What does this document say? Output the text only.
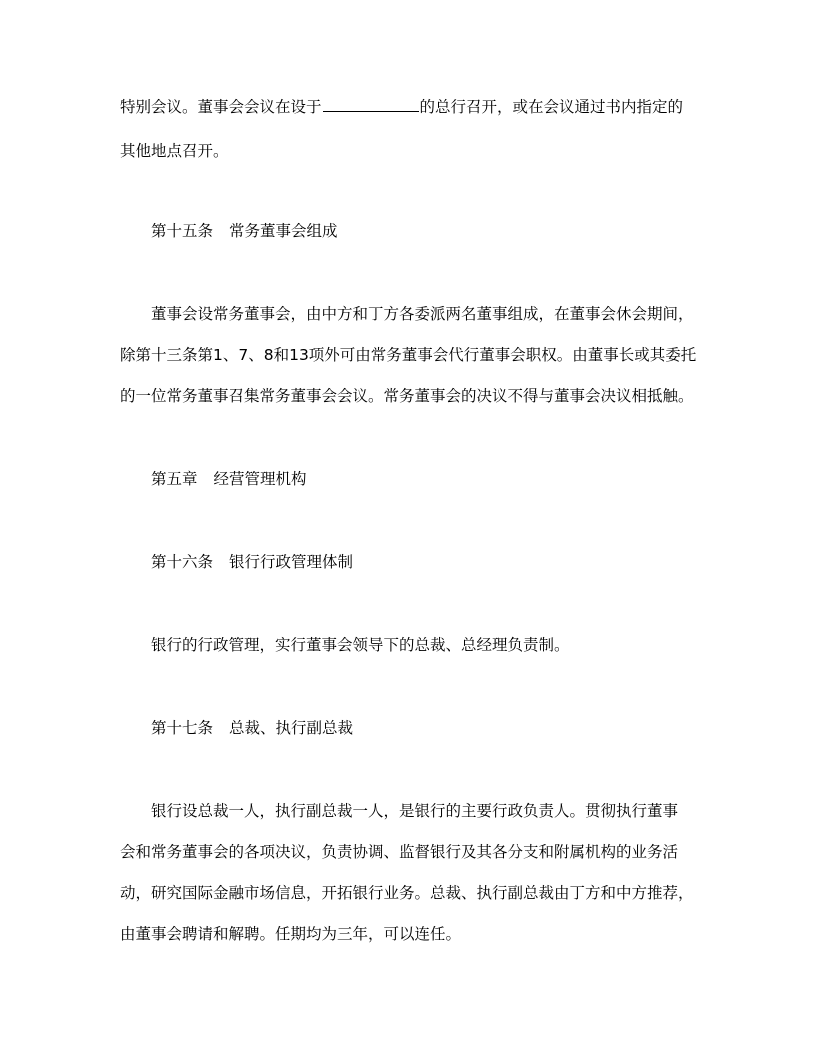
特别会议。董事会会议在设于	的总行召开，或在会议通过书内指定的
其他地点召开。
第十五条 常务董事会组成
董事会设常务董事会，由中方和丁方各委派两名董事组成，在董事会休会期间，
除第十三条第1、7、8和13项外可由常务董事会代行董事会职权。由董事长或其委托
的一位常务董事召集常务董事会会议。常务董事会的决议不得与董事会决议相抵触。
第五章 经营管理机构
第十六条 银行行政管理体制
银行的行政管理，实行董事会领导下的总裁、总经理负责制。
第十七条 总裁、执行副总裁
银行设总裁一人，执行副总裁一人，是银行的主要行政负责人。贯彻执行董事
会和常务董事会的各项决议，负责协调、监督银行及其各分支和附属机构的业务活
动，研究国际金融市场信息，开拓银行业务。总裁、执行副总裁由丁方和中方推荐，
由董事会聘请和解聘。任期均为三年，可以连任。
